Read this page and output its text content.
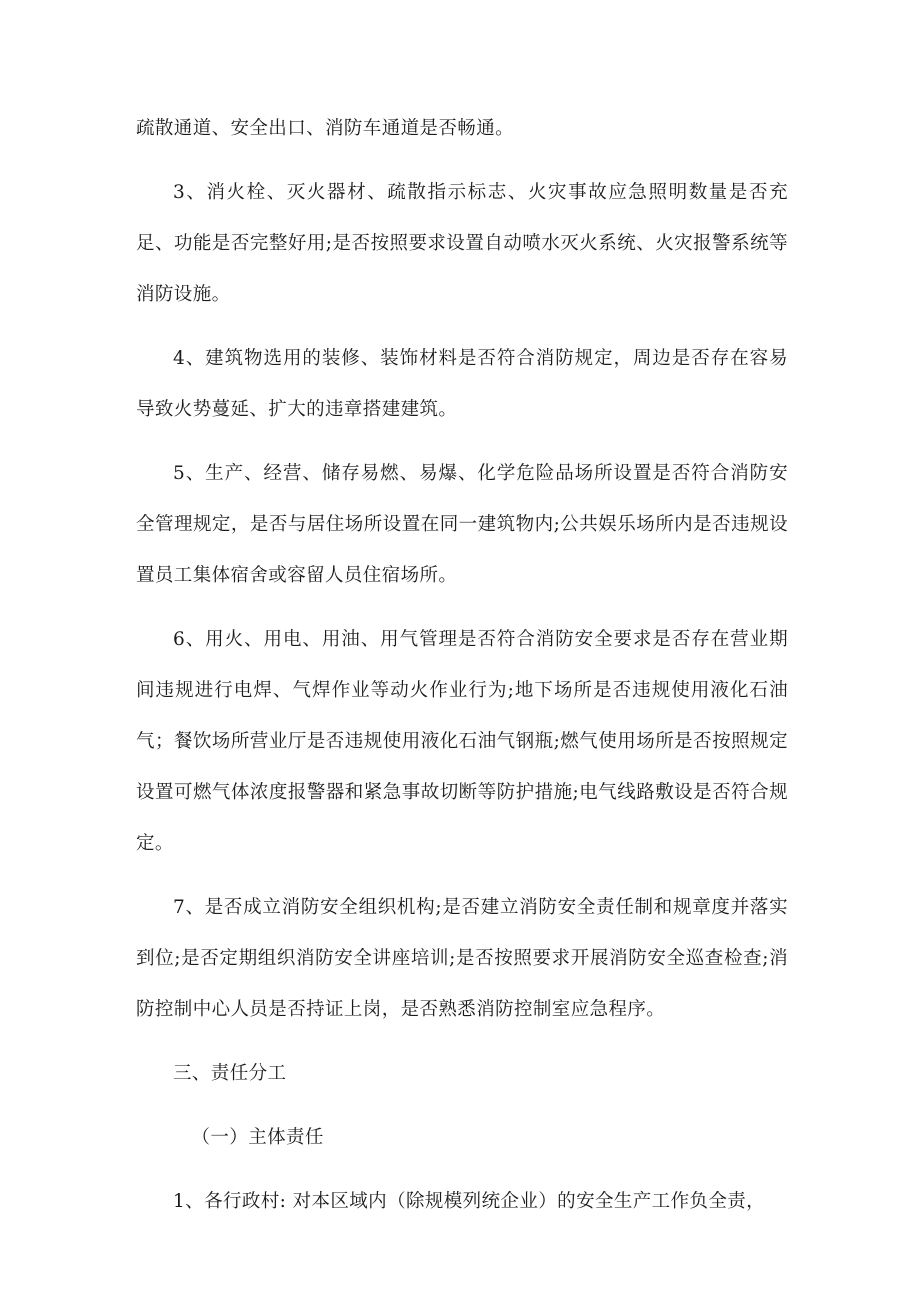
疏散通道、安全出口、消防车通道是否畅通。

3、消火栓、灭火器材、疏散指示标志、火灾事故应急照明数量是否充足、功能是否完整好用;是否按照要求设置自动喷水灭火系统、火灾报警系统等消防设施。

4、建筑物选用的装修、装饰材料是否符合消防规定，周边是否存在容易导致火势蔓延、扩大的违章搭建建筑。

5、生产、经营、储存易燃、易爆、化学危险品场所设置是否符合消防安全管理规定，是否与居住场所设置在同一建筑物内;公共娱乐场所内是否违规设置员工集体宿舍或容留人员住宿场所。

6、用火、用电、用油、用气管理是否符合消防安全要求是否存在营业期间违规进行电焊、气焊作业等动火作业行为;地下场所是否违规使用液化石油气；餐饮场所营业厅是否违规使用液化石油气钢瓶;燃气使用场所是否按照规定设置可燃气体浓度报警器和紧急事故切断等防护措施;电气线路敷设是否符合规定。

7、是否成立消防安全组织机构;是否建立消防安全责任制和规章度并落实到位;是否定期组织消防安全讲座培训;是否按照要求开展消防安全巡查检查;消防控制中心人员是否持证上岗，是否熟悉消防控制室应急程序。

三、责任分工

（一）主体责任

1、各行政村: 对本区域内（除规模列统企业）的安全生产工作负全责，
